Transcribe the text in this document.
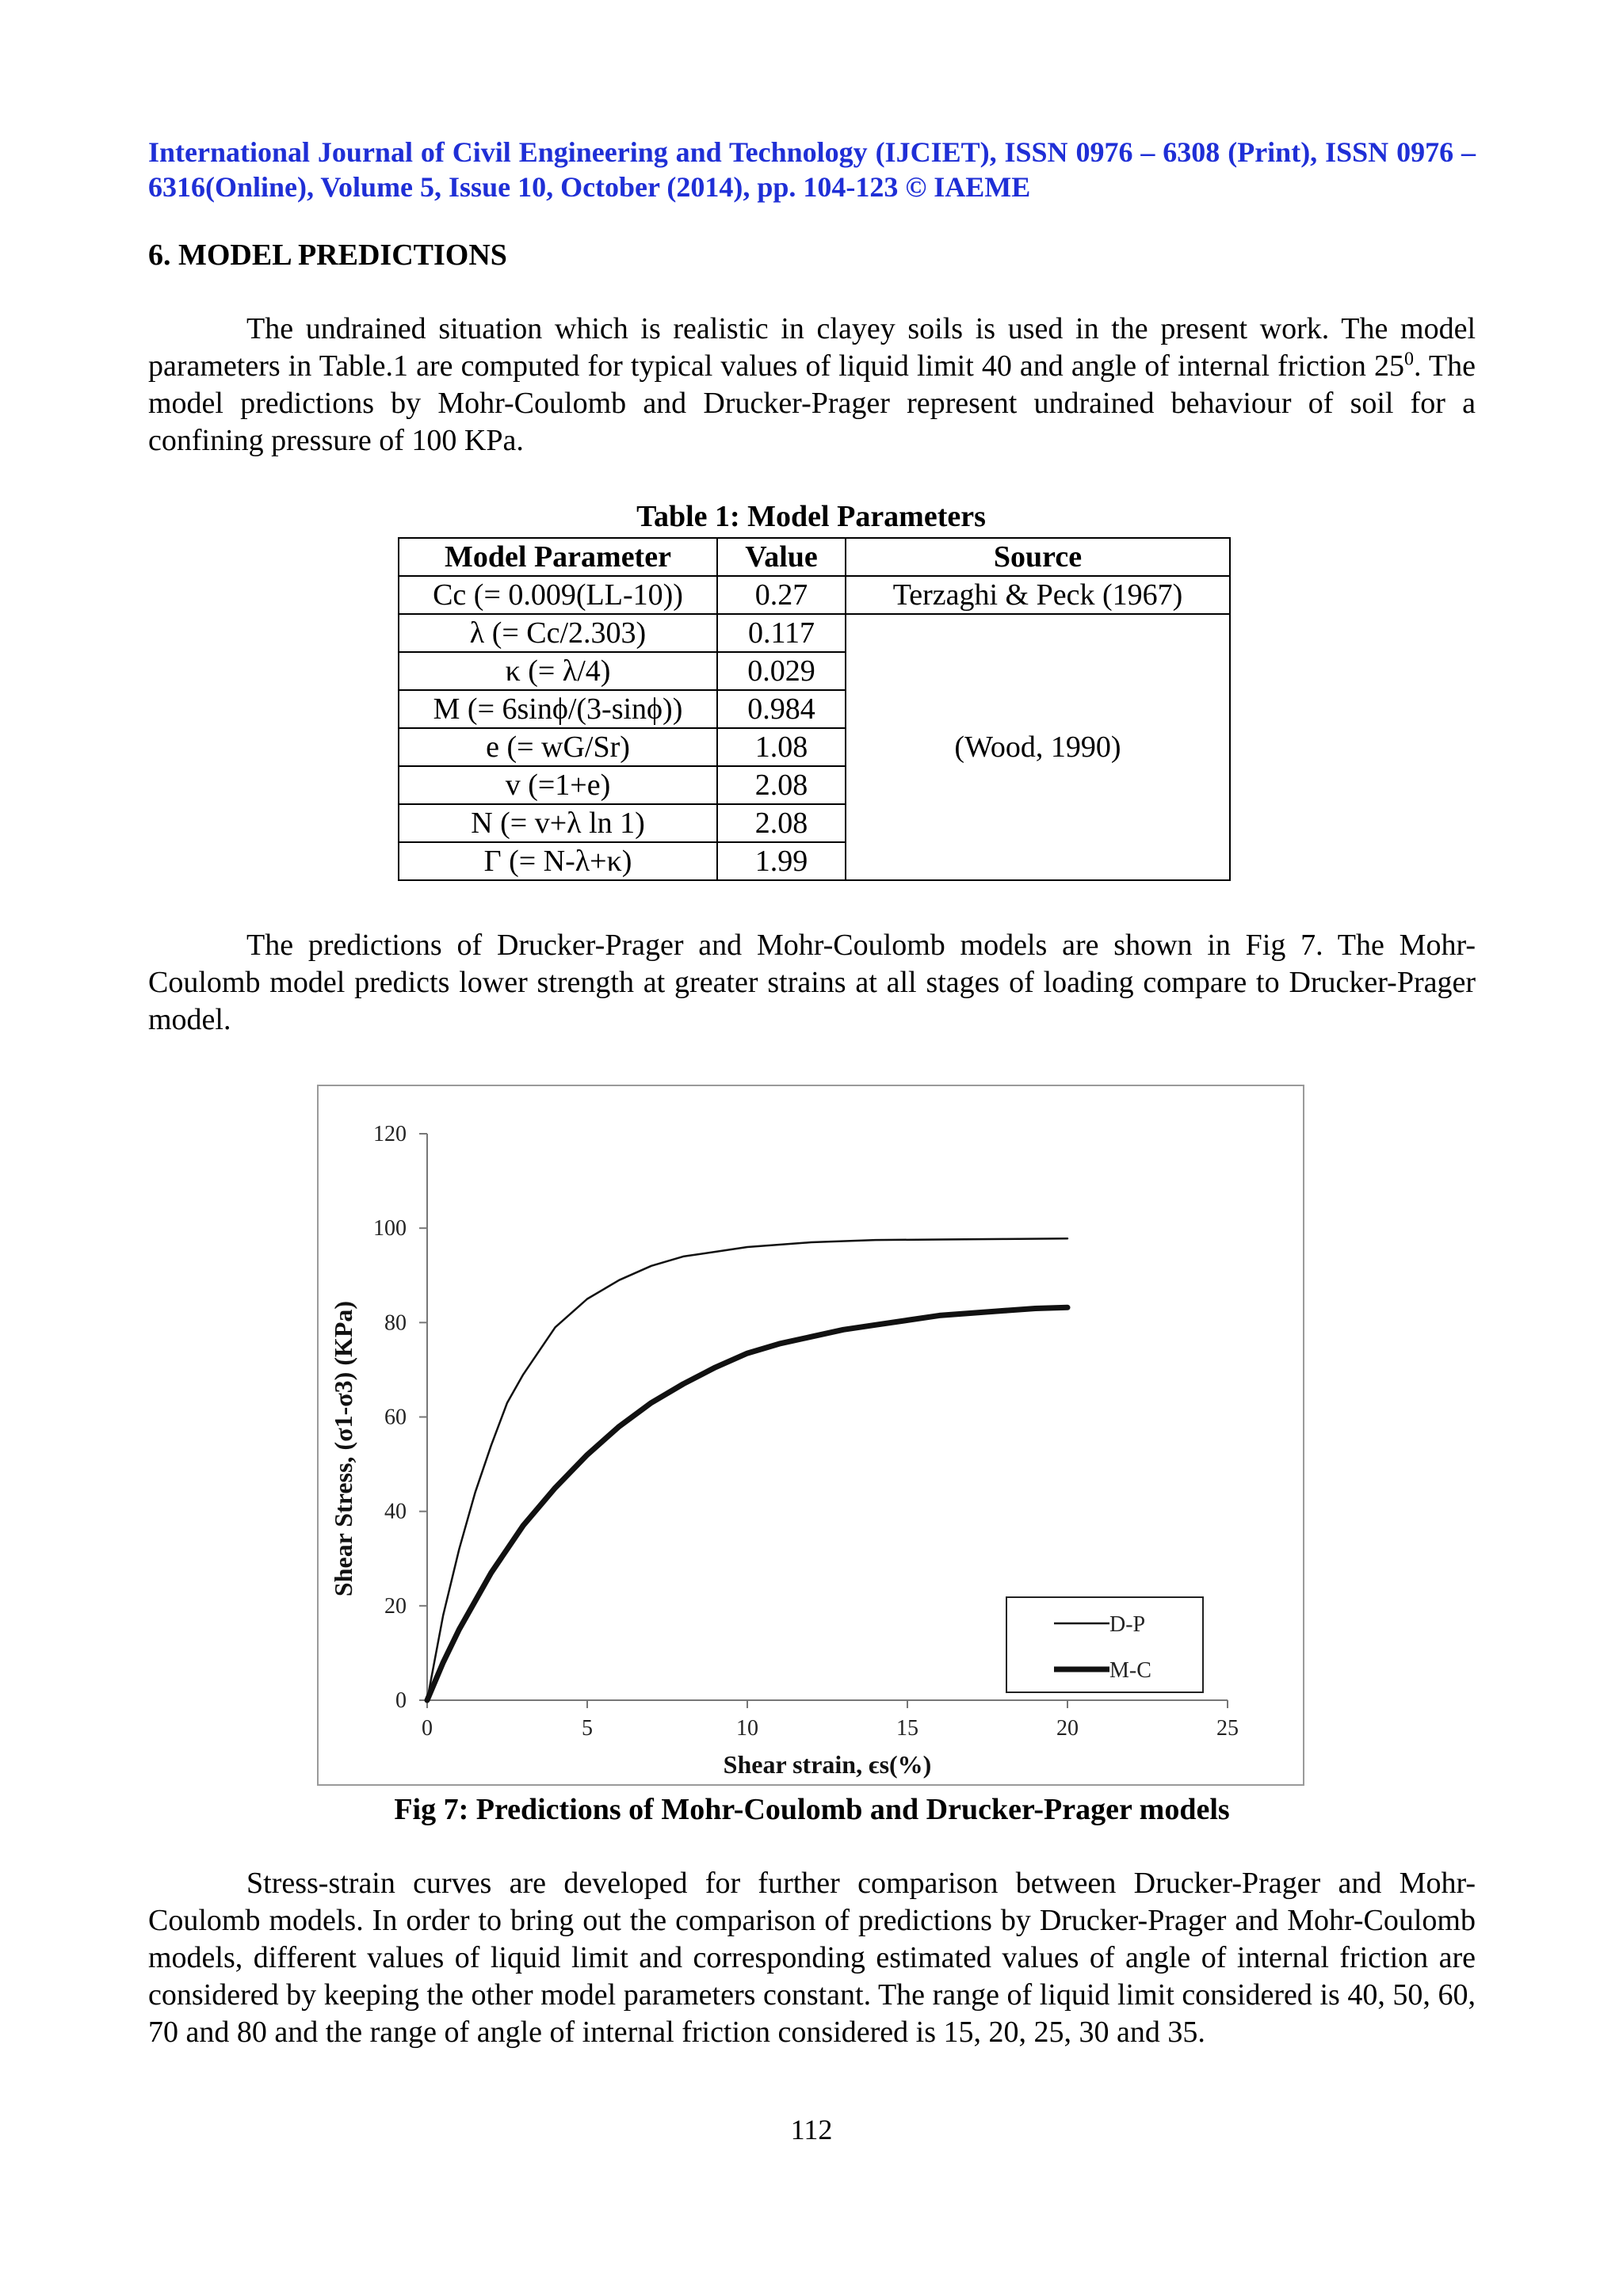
International Journal of Civil Engineering and Technology (IJCIET), ISSN 0976 – 6308 (Print), ISSN 0976 – 6316(Online), Volume 5, Issue 10, October (2014), pp. 104-123 © IAEME
6. MODEL PREDICTIONS

The undrained situation which is realistic in clayey soils is used in the present work. The model parameters in Table.1 are computed for typical values of liquid limit 40 and angle of internal friction $25^0$. The model predictions by Mohr-Coulomb and Drucker-Prager represent undrained behaviour of soil for a confining pressure of 100 KPa.

Table 1: Model Parameters
Model Parameter	Value	Source
Cc (= 0.009(LL-10))	0.27	Terzaghi & Peck (1967)
λ (= Cc/2.303)	0.117	(Wood, 1990)
κ (= λ/4)	0.029	
M (= 6sinϕ/(3-sinϕ))	0.984	
e (= wG/Sr)	1.08	
v (=1+e)	2.08	
N (= v+λ ln 1)	2.08	
Γ (= N-λ+κ)	1.99	

The predictions of Drucker-Prager and Mohr-Coulomb models are shown in Fig 7. The Mohr-Coulomb model predicts lower strength at greater strains at all stages of loading compare to Drucker-Prager model.

0
20
40
60
80
100
120
0	5	10	15	20	25
Shear strain, ϵs(%)
Shear Stress, (σ1-σ3) (KPa)
D-P
M-C
Fig 7: Predictions of Mohr-Coulomb and Drucker-Prager models

Stress-strain curves are developed for further comparison between Drucker-Prager and Mohr-Coulomb models. In order to bring out the comparison of predictions by Drucker-Prager and Mohr-Coulomb models, different values of liquid limit and corresponding estimated values of angle of internal friction are considered by keeping the other model parameters constant. The range of liquid limit considered is 40, 50, 60, 70 and 80 and the range of angle of internal friction considered is 15, 20, 25, 30 and 35.

112
